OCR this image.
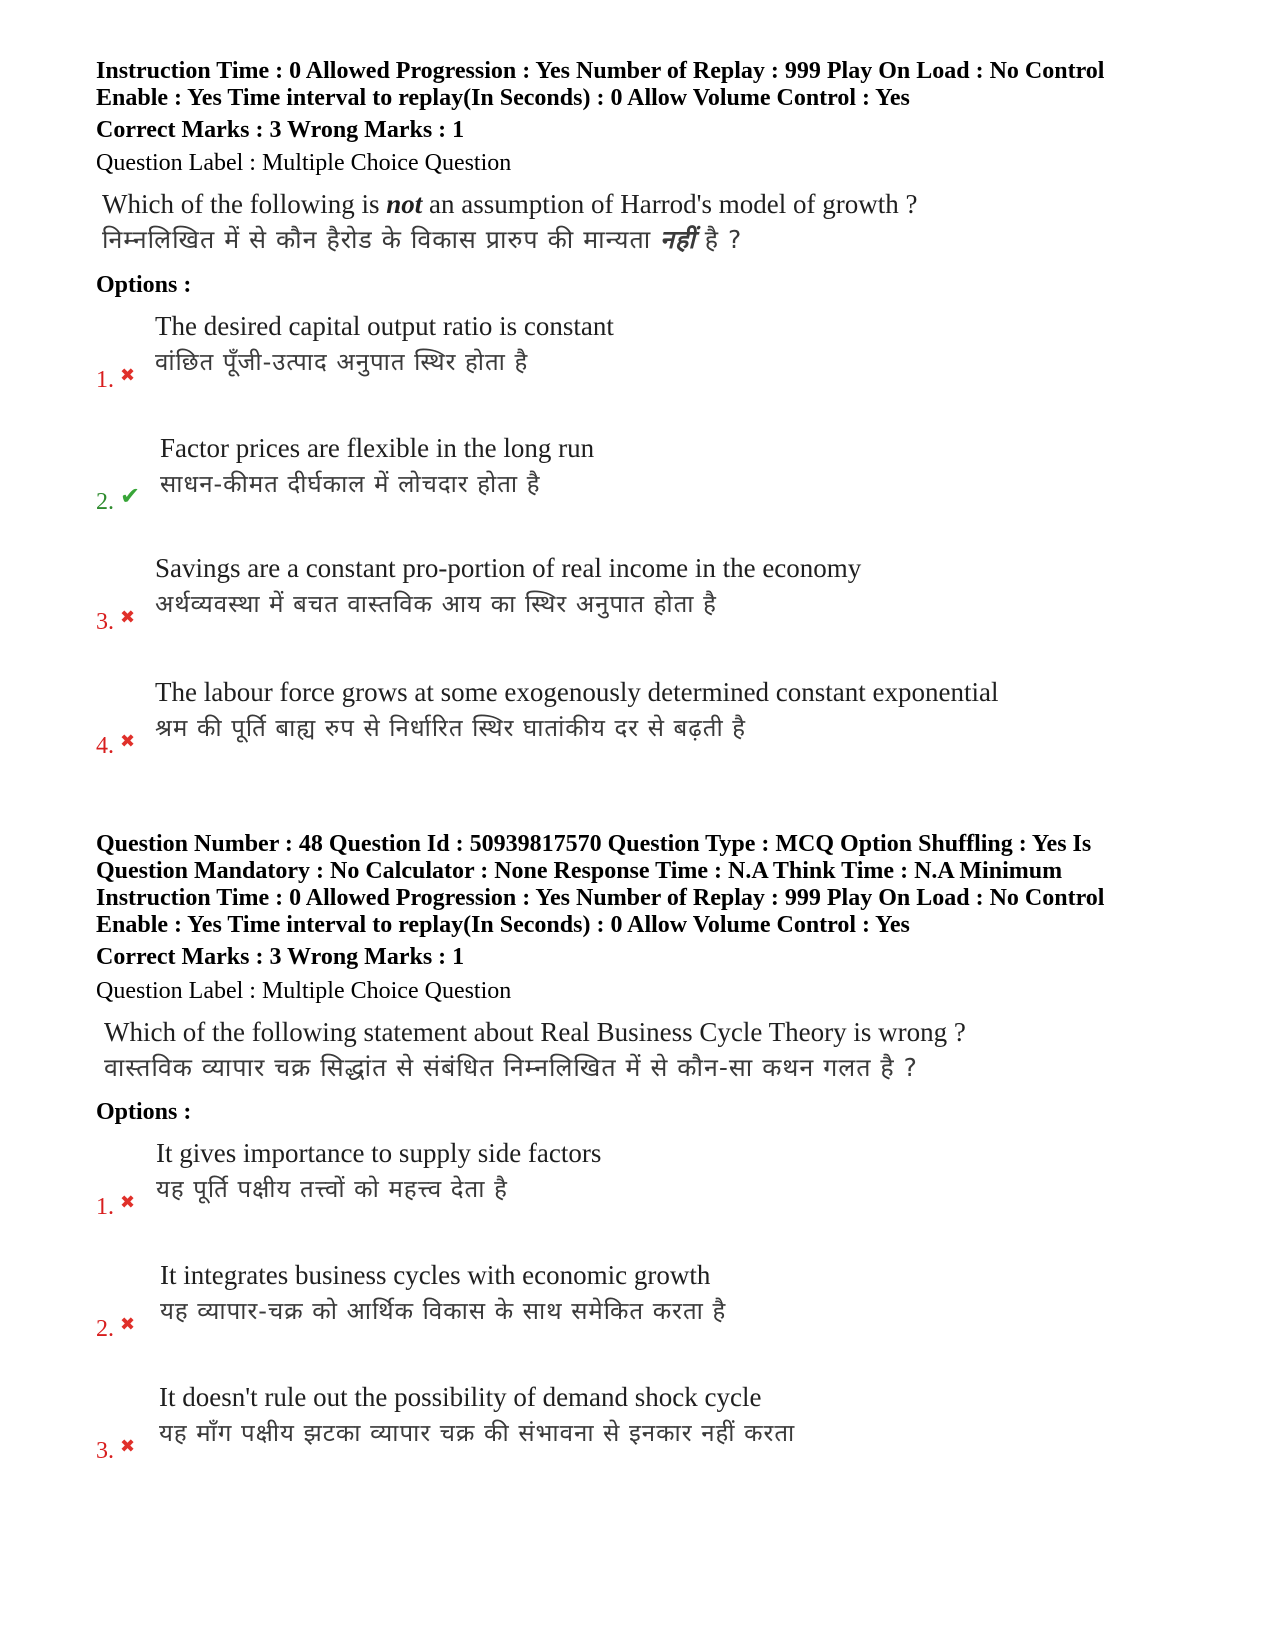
Instruction Time : 0 Allowed Progression : Yes Number of Replay : 999 Play On Load : No Control
Enable : Yes Time interval to replay(In Seconds) : 0 Allow Volume Control : Yes
Correct Marks : 3 Wrong Marks : 1
Question Label : Multiple Choice Question
Which of the following is not an assumption of Harrod's model of growth ?
निम्नलिखित में से कौन हैरोड के विकास प्रारुप की मान्यता नहीं है ?
Options :
The desired capital output ratio is constant
वांछित पूँजी-उत्पाद अनुपात स्थिर होता है
1. ✖
Factor prices are flexible in the long run
साधन-कीमत दीर्घकाल में लोचदार होता है
2. ✔
Savings are a constant pro-portion of real income in the economy
अर्थव्यवस्था में बचत वास्तविक आय का स्थिर अनुपात होता है
3. ✖
The labour force grows at some exogenously determined constant exponential
श्रम की पूर्ति बाह्य रुप से निर्धारित स्थिर घातांकीय दर से बढ़ती है
4. ✖
Question Number : 48 Question Id : 50939817570 Question Type : MCQ Option Shuffling : Yes Is
Question Mandatory : No Calculator : None Response Time : N.A Think Time : N.A Minimum
Instruction Time : 0 Allowed Progression : Yes Number of Replay : 999 Play On Load : No Control
Enable : Yes Time interval to replay(In Seconds) : 0 Allow Volume Control : Yes
Correct Marks : 3 Wrong Marks : 1
Question Label : Multiple Choice Question
Which of the following statement about Real Business Cycle Theory is wrong ?
वास्तविक व्यापार चक्र सिद्धांत से संबंधित निम्नलिखित में से कौन-सा कथन गलत है ?
Options :
It gives importance to supply side factors
यह पूर्ति पक्षीय तत्त्वों को महत्त्व देता है
1. ✖
It integrates business cycles with economic growth
यह व्यापार-चक्र को आर्थिक विकास के साथ समेकित करता है
2. ✖
It doesn't rule out the possibility of demand shock cycle
यह माँग पक्षीय झटका व्यापार चक्र की संभावना से इनकार नहीं करता
3. ✖
